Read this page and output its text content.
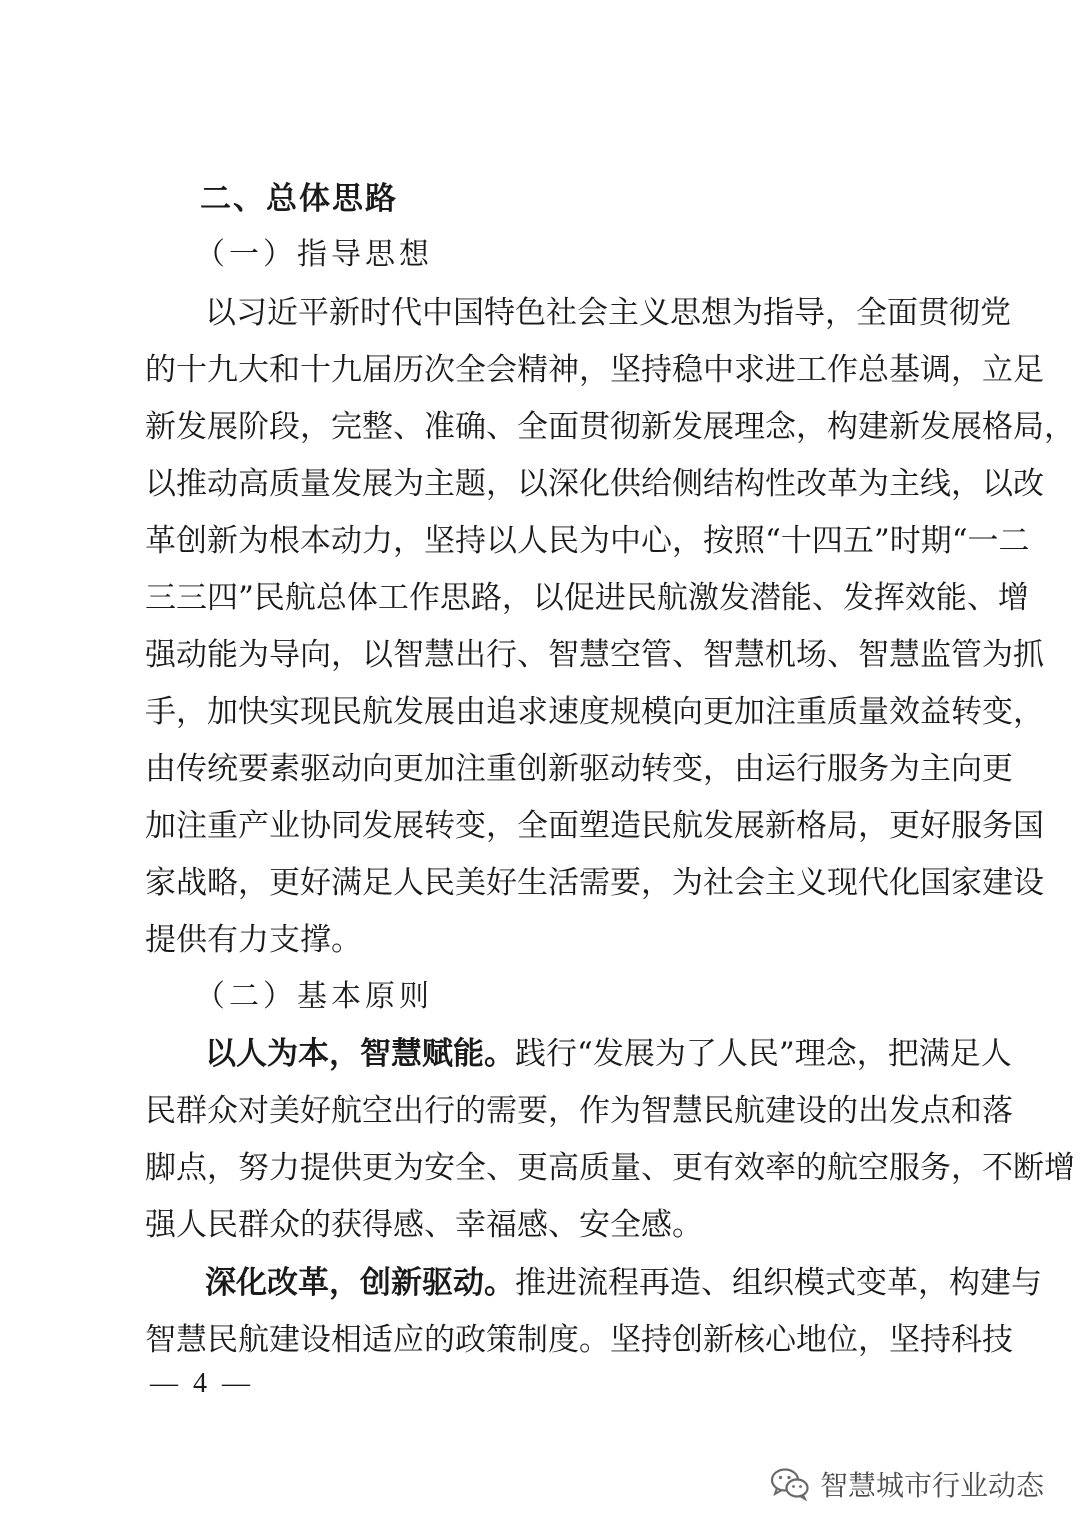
二、总体思路
（一）指导思想
以习近平新时代中国特色社会主义思想为指导，全面贯彻党
的十九大和十九届历次全会精神，坚持稳中求进工作总基调，立足
新发展阶段，完整、准确、全面贯彻新发展理念，构建新发展格局，
以推动高质量发展为主题，以深化供给侧结构性改革为主线，以改
革创新为根本动力，坚持以人民为中心，按照“十四五”时期“一二
三三四”民航总体工作思路，以促进民航激发潜能、发挥效能、增
强动能为导向，以智慧出行、智慧空管、智慧机场、智慧监管为抓
手，加快实现民航发展由追求速度规模向更加注重质量效益转变，
由传统要素驱动向更加注重创新驱动转变，由运行服务为主向更
加注重产业协同发展转变，全面塑造民航发展新格局，更好服务国
家战略，更好满足人民美好生活需要，为社会主义现代化国家建设
提供有力支撑。
（二）基本原则
以人为本，智慧赋能。践行“发展为了人民”理念，把满足人
民群众对美好航空出行的需要，作为智慧民航建设的出发点和落
脚点，努力提供更为安全、更高质量、更有效率的航空服务，不断增
强人民群众的获得感、幸福感、安全感。
深化改革，创新驱动。推进流程再造、组织模式变革，构建与
智慧民航建设相适应的政策制度。坚持创新核心地位，坚持科技
— 4 —
智慧城市行业动态
